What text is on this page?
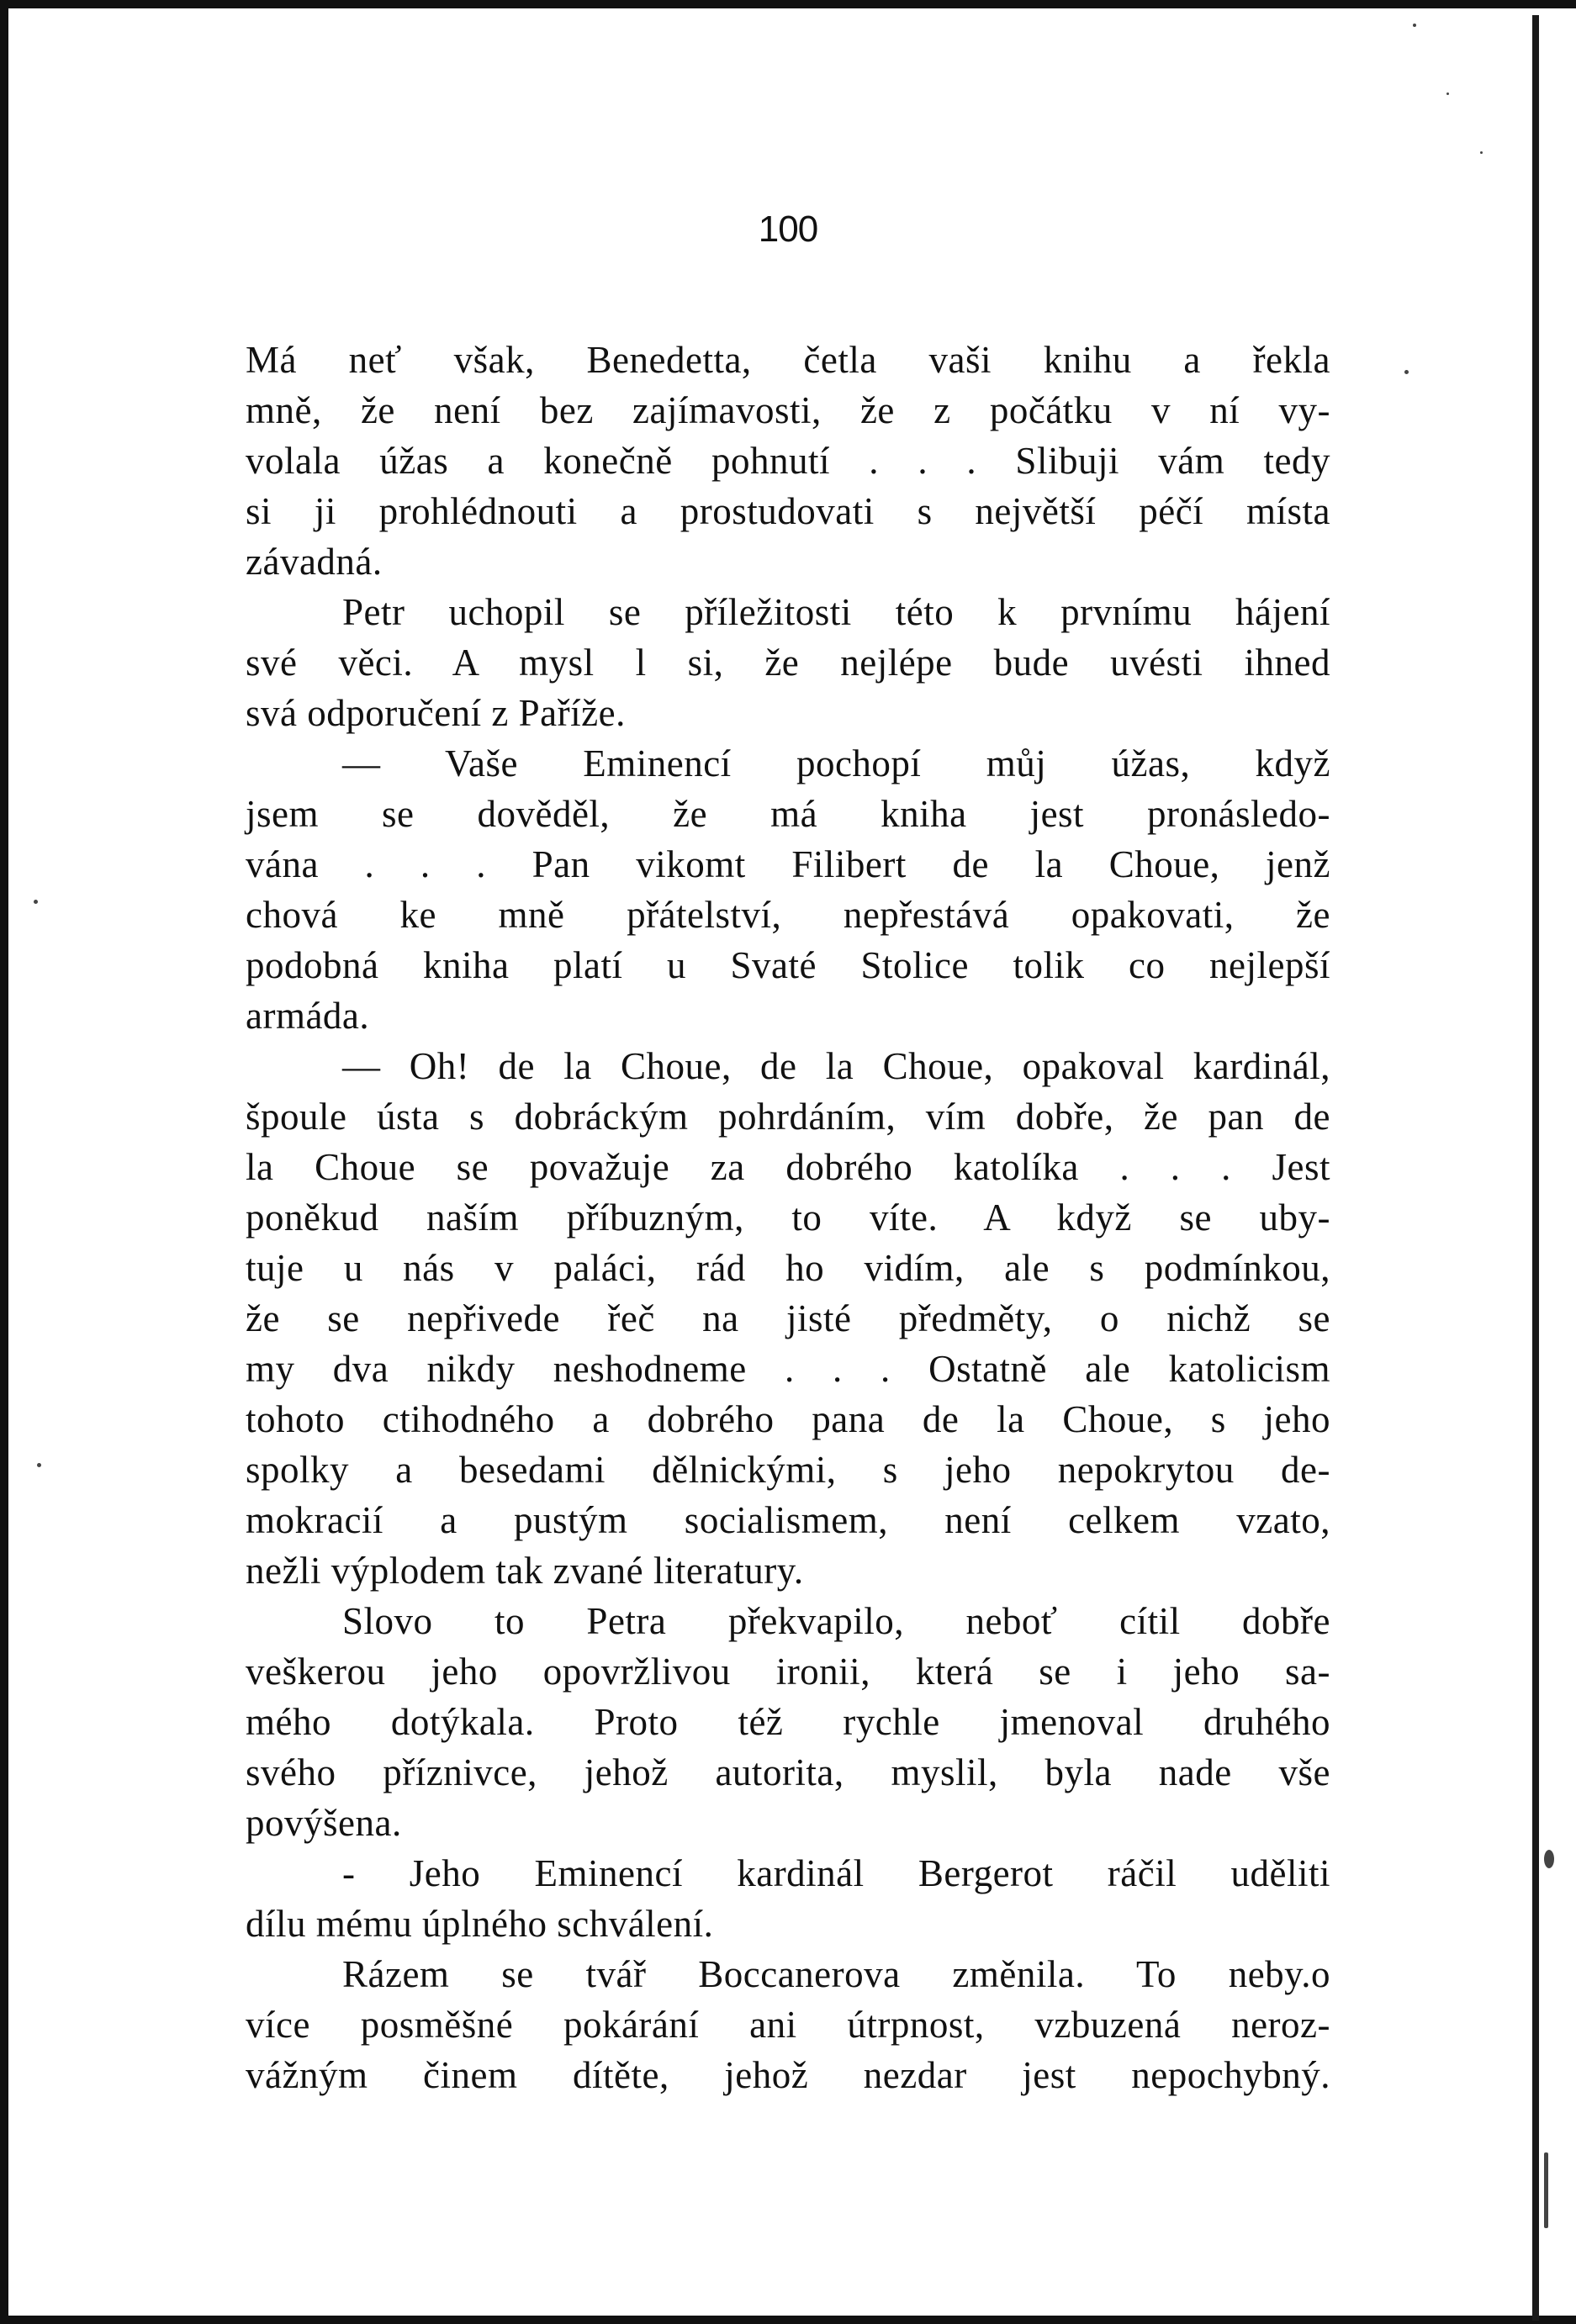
100
Má neť však, Benedetta, četla vaši knihu a řekla
mně, že není bez zajímavosti, že z počátku v ní vy-
volala úžas a konečně pohnutí . . . Slibuji vám tedy
si ji prohlédnouti a prostudovati s největší péčí místa
závadná.
Petr uchopil se příležitosti této k prvnímu hájení
své věci. A mysl l si, že nejlépe bude uvésti ihned
svá odporučení z Paříže.
— Vaše Eminencí pochopí můj úžas, když
jsem se dověděl, že má kniha jest pronásledo-
vána . . . Pan vikomt Filibert de la Choue, jenž
chová ke mně přátelství, nepřestává opakovati, že
podobná kniha platí u Svaté Stolice tolik co nejlepší
armáda.
— Oh! de la Choue, de la Choue, opakoval kardinál,
špoule ústa s dobráckým pohrdáním, vím dobře, že pan de
la Choue se považuje za dobrého katolíka . . . Jest
poněkud naším příbuzným, to víte. A když se uby-
tuje u nás v paláci, rád ho vidím, ale s podmínkou,
že se nepřivede řeč na jisté předměty, o nichž se
my dva nikdy neshodneme . . . Ostatně ale katolicism
tohoto ctihodného a dobrého pana de la Choue, s jeho
spolky a besedami dělnickými, s jeho nepokrytou de-
mokracií a pustým socialismem, není celkem vzato,
nežli výplodem tak zvané literatury.
Slovo to Petra překvapilo, neboť cítil dobře
veškerou jeho opovržlivou ironii, která se i jeho sa-
mého dotýkala. Proto též rychle jmenoval druhého
svého příznivce, jehož autorita, myslil, byla nade vše
povýšena.
- Jeho Eminencí kardinál Bergerot ráčil uděliti
dílu mému úplného schválení.
Rázem se tvář Boccanerova změnila. To neby.o
více posměšné pokárání ani útrpnost, vzbuzená neroz-
vážným činem dítěte, jehož nezdar jest nepochybný.
